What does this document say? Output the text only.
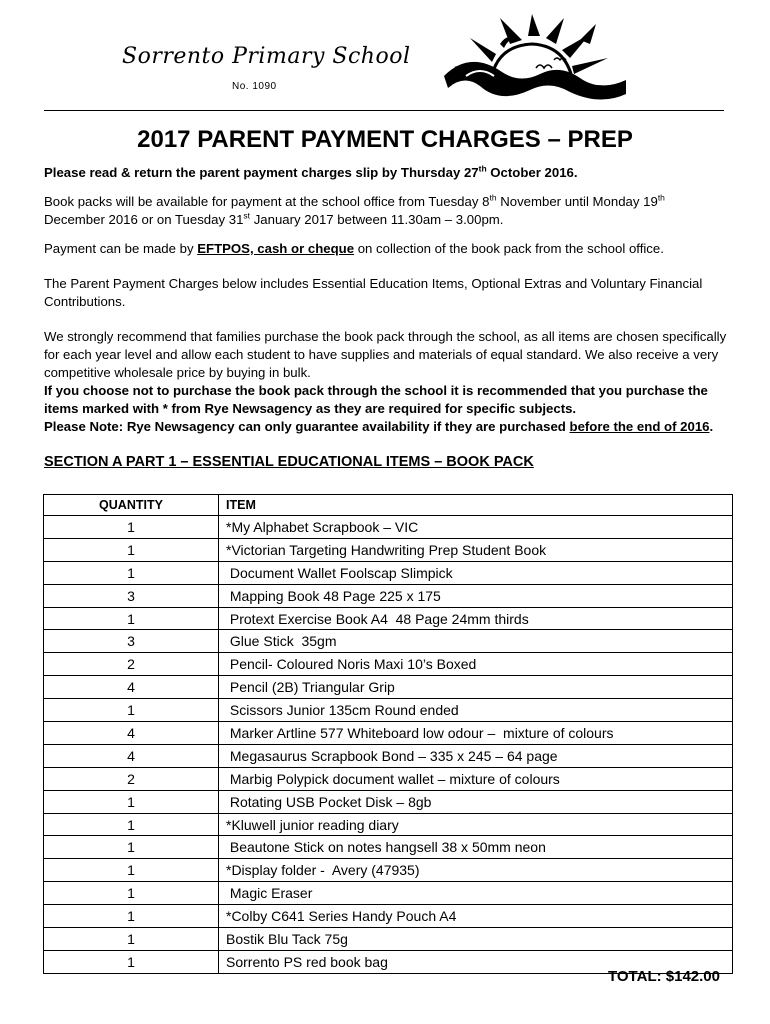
Sorrento Primary School
No. 1090
2017 PARENT PAYMENT CHARGES – PREP
Please read & return the parent payment charges slip by Thursday 27th October 2016.
Book packs will be available for payment at the school office from Tuesday 8th November until Monday 19th
December 2016 or on Tuesday 31st January 2017 between 11.30am – 3.00pm.
Payment can be made by EFTPOS, cash or cheque on collection of the book pack from the school office.
The Parent Payment Charges below includes Essential Education Items, Optional Extras and Voluntary Financial Contributions.
We strongly recommend that families purchase the book pack through the school, as all items are chosen specifically for each year level and allow each student to have supplies and materials of equal standard. We also receive a very competitive wholesale price by buying in bulk.
If you choose not to purchase the book pack through the school it is recommended that you purchase the items marked with * from Rye Newsagency as they are required for specific subjects.
Please Note: Rye Newsagency can only guarantee availability if they are purchased before the end of 2016.
SECTION A PART 1 – ESSENTIAL EDUCATIONAL ITEMS – BOOK PACK
QUANTITY	ITEM
1	*My Alphabet Scrapbook – VIC
1	*Victorian Targeting Handwriting Prep Student Book
1	Document Wallet Foolscap Slimpick
3	Mapping Book 48 Page 225 x 175
1	Protext Exercise Book A4  48 Page 24mm thirds
3	Glue Stick  35gm
2	Pencil- Coloured Noris Maxi 10’s Boxed
4	Pencil (2B) Triangular Grip
1	Scissors Junior 135cm Round ended
4	Marker Artline 577 Whiteboard low odour –  mixture of colours
4	Megasaurus Scrapbook Bond – 335 x 245 – 64 page
2	Marbig Polypick document wallet – mixture of colours
1	Rotating USB Pocket Disk – 8gb
1	*Kluwell junior reading diary
1	Beautone Stick on notes hangsell 38 x 50mm neon
1	*Display folder -  Avery (47935)
1	Magic Eraser
1	*Colby C641 Series Handy Pouch A4
1	Bostik Blu Tack 75g
1	Sorrento PS red book bag
TOTAL: $142.00
